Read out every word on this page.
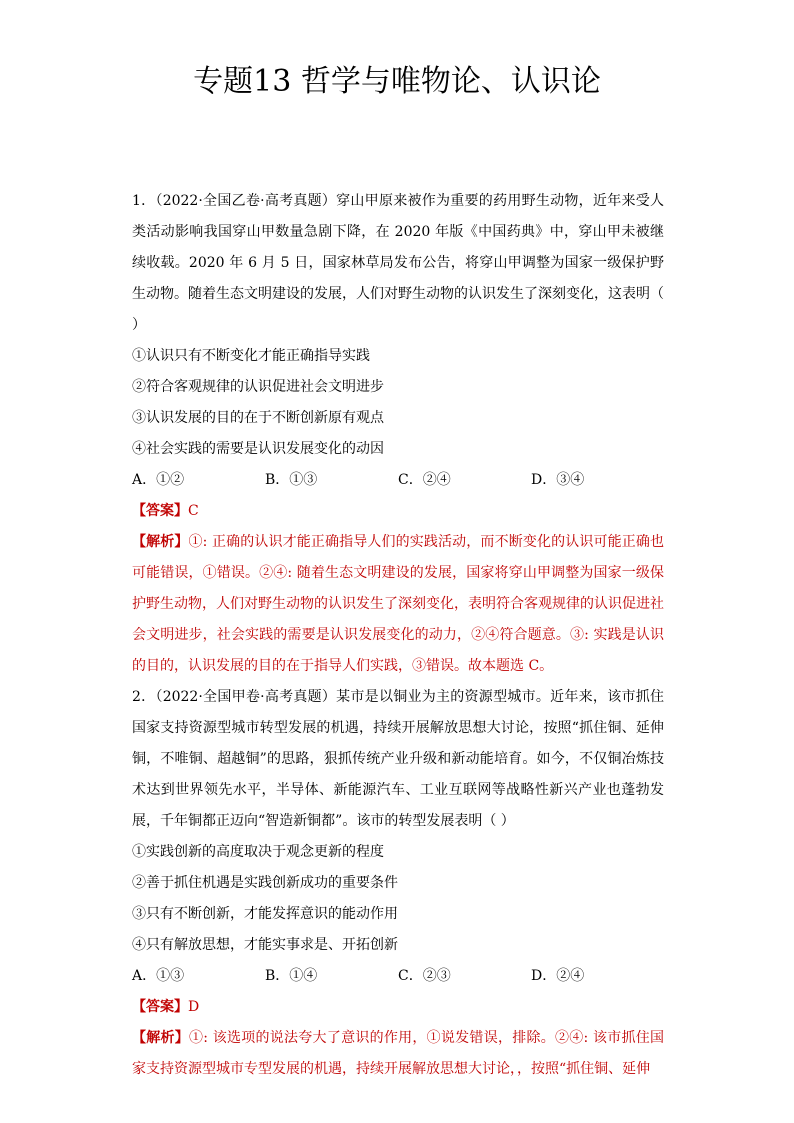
专题13 哲学与唯物论、认识论

1．（2022·全国乙卷·高考真题）穿山甲原来被作为重要的药用野生动物，近年来受人类活动影响我国穿山甲数量急剧下降，在 2020 年版《中国药典》中，穿山甲未被继续收载。2020 年 6 月 5 日，国家林草局发布公告，将穿山甲调整为国家一级保护野生动物。随着生态文明建设的发展，人们对野生动物的认识发生了深刻变化，这表明（ ）

①认识只有不断变化才能正确指导实践

②符合客观规律的认识促进社会文明进步

③认识发展的目的在于不断创新原有观点

④社会实践的需要是认识发展变化的动因

A．①②	B．①③	C．②④	D．③④

【答案】C

【解析】①: 正确的认识才能正确指导人们的实践活动，而不断变化的认识可能正确也可能错误，①错误。②④: 随着生态文明建设的发展，国家将穿山甲调整为国家一级保护野生动物，人们对野生动物的认识发生了深刻变化，表明符合客观规律的认识促进社会文明进步，社会实践的需要是认识发展变化的动力，②④符合题意。③: 实践是认识的目的，认识发展的目的在于指导人们实践，③错误。故本题选 C。

2．（2022·全国甲卷·高考真题）某市是以铜业为主的资源型城市。近年来，该市抓住国家支持资源型城市转型发展的机遇，持续开展解放思想大讨论，按照“抓住铜、延伸铜，不唯铜、超越铜”的思路，狠抓传统产业升级和新动能培育。如今，不仅铜冶炼技术达到世界领先水平，半导体、新能源汽车、工业互联网等战略性新兴产业也蓬勃发展，千年铜都正迈向“智造新铜都”。该市的转型发展表明（ ）

①实践创新的高度取决于观念更新的程度

②善于抓住机遇是实践创新成功的重要条件

③只有不断创新，才能发挥意识的能动作用

④只有解放思想，才能实事求是、开拓创新

A．①③	B．①④	C．②③	D．②④

【答案】D

【解析】①: 该选项的说法夸大了意识的作用，①说发错误，排除。②④: 该市抓住国家支持资源型城市专型发展的机遇，持续开展解放思想大讨论，，按照“抓住铜、延伸
